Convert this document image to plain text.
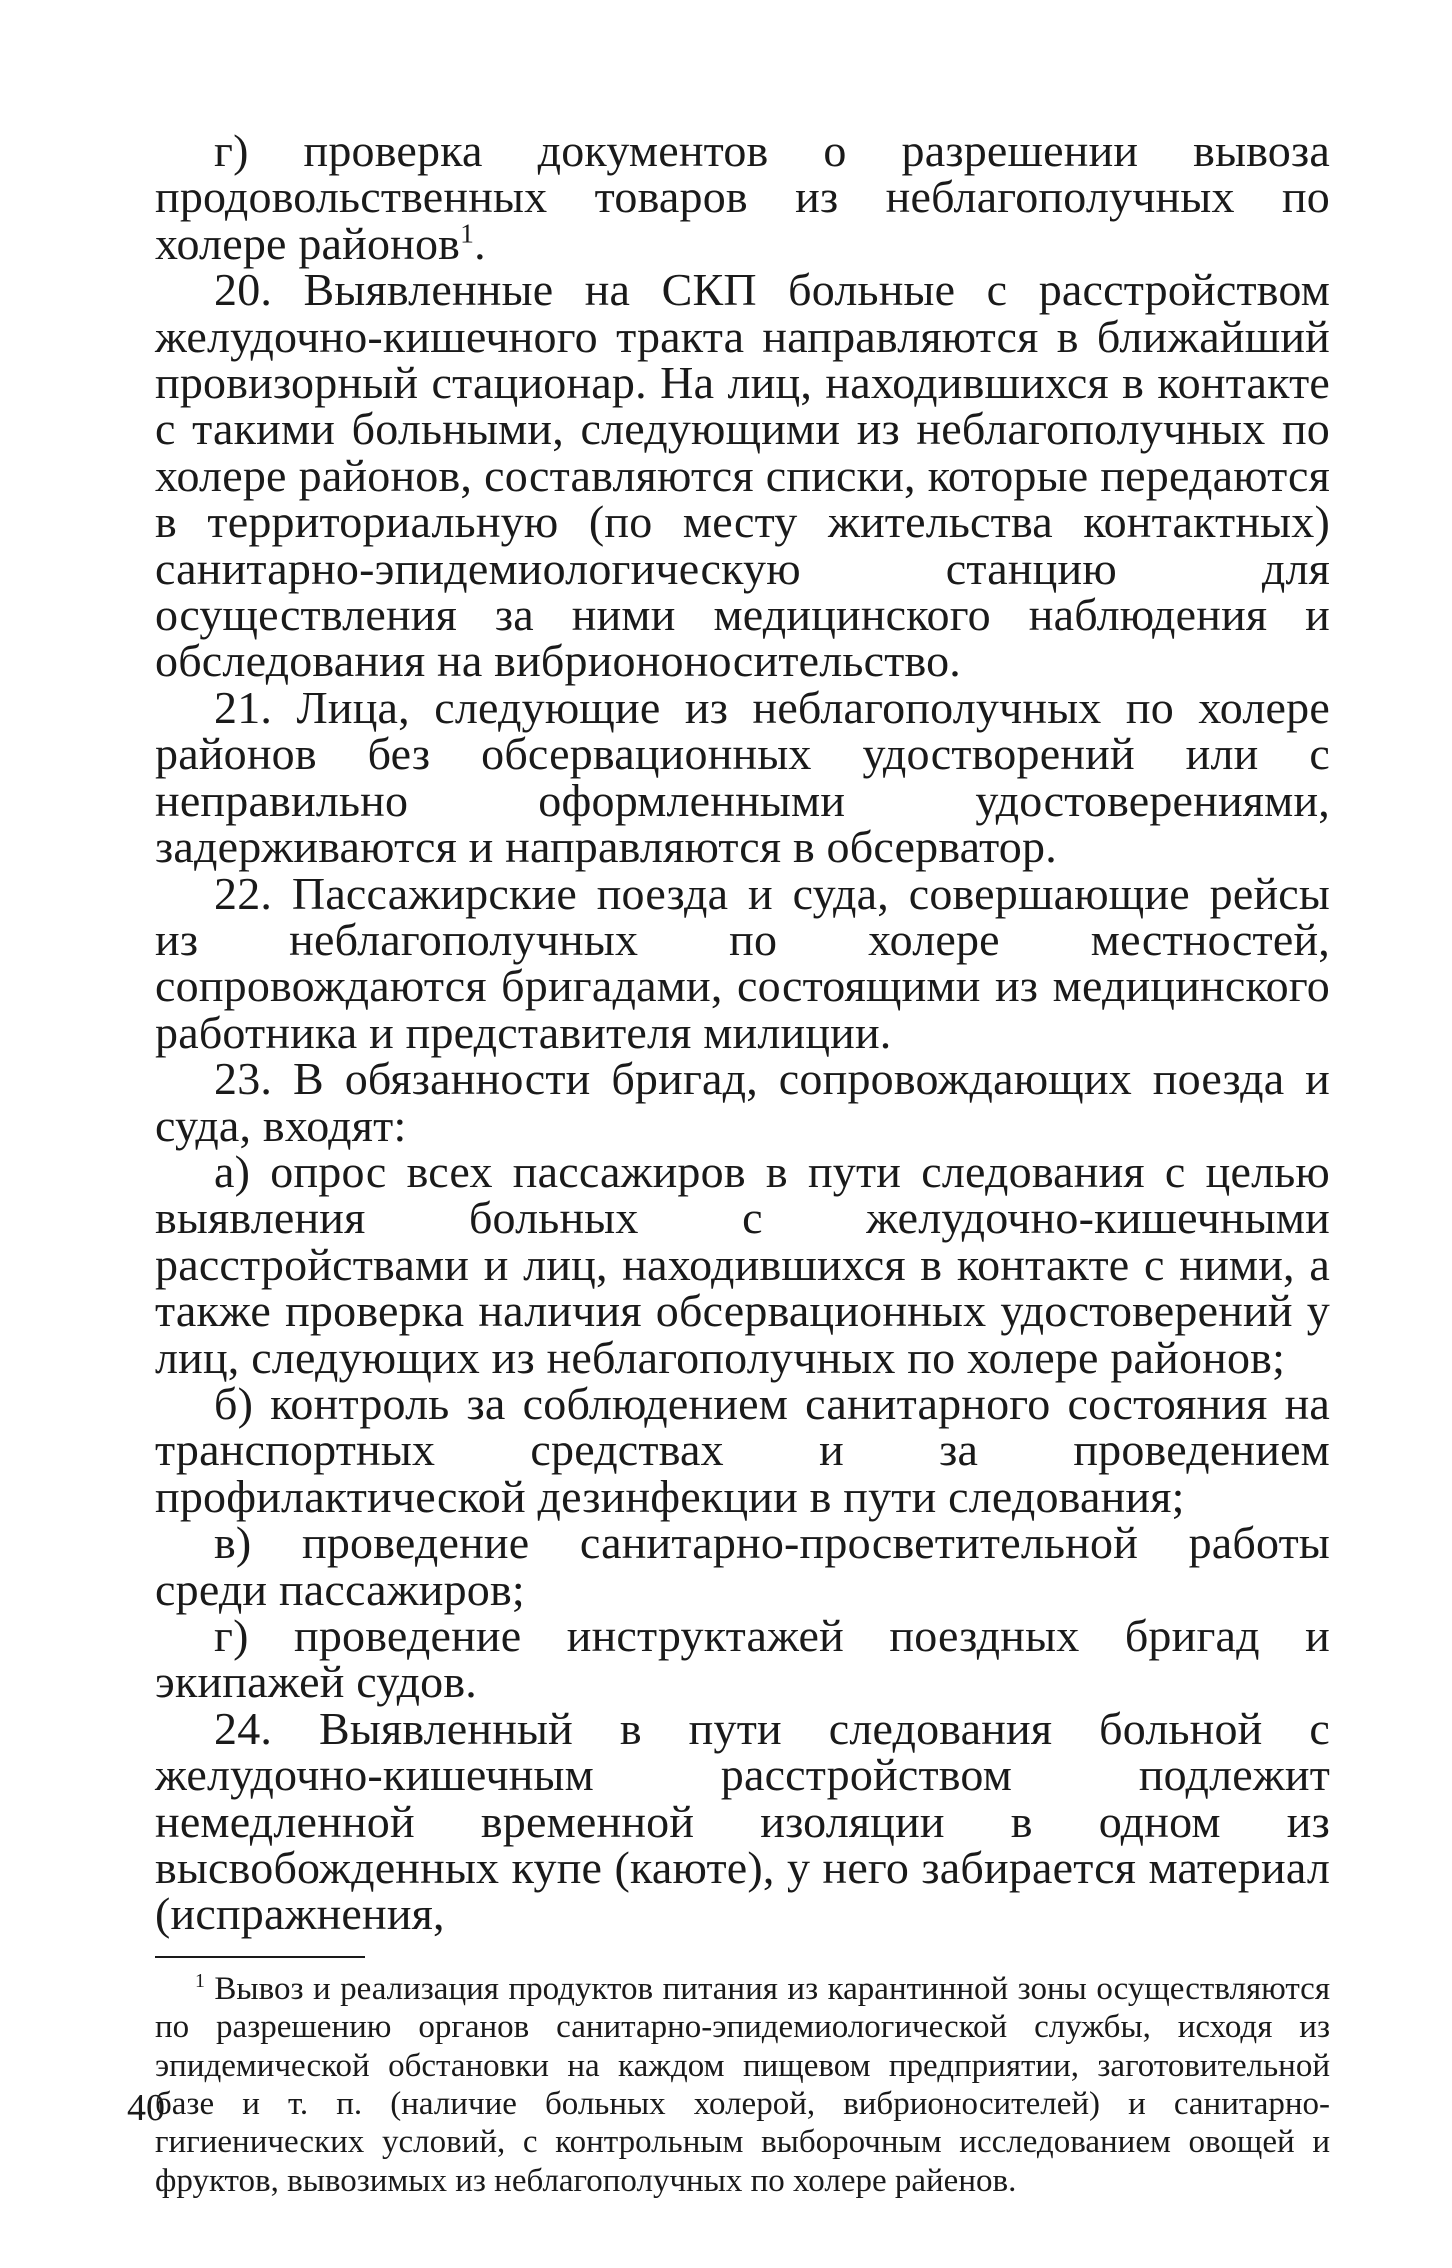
г) проверка документов о разрешении вывоза продовольственных товаров из неблагополучных по холере районов$^1$.

20. Выявленные на СКП больные с расстройством желудочно-кишечного тракта направляются в ближайший провизорный стационар. На лиц, находившихся в контакте с такими больными, следующими из неблагополучных по холере районов, составляются списки, которые передаются в территориальную (по месту жительства контактных) санитарно-эпидемиологическую станцию для осуществления за ними медицинского наблюдения и обследования на вибриононосительство.

21. Лица, следующие из неблагополучных по холере районов без обсервационных удостворений или с неправильно оформленными удостоверениями, задерживаются и направляются в обсерватор.

22. Пассажирские поезда и суда, совершающие рейсы из неблагополучных по холере местностей, сопровождаются бригадами, состоящими из медицинского работника и представителя милиции.

23. В обязанности бригад, сопровождающих поезда и суда, входят:

а) опрос всех пассажиров в пути следования с целью выявления больных с желудочно-кишечными расстройствами и лиц, находившихся в контакте с ними, а также проверка наличия обсервационных удостоверений у лиц, следующих из неблагополучных по холере районов;

б) контроль за соблюдением санитарного состояния на транспортных средствах и за проведением профилактической дезинфекции в пути следования;

в) проведение санитарно-просветительной работы среди пассажиров;

г) проведение инструктажей поездных бригад и экипажей судов.

24. Выявленный в пути следования больной с желудочно-кишечным расстройством подлежит немедленной временной изоляции в одном из высвобожденных купе (каюте), у него забирается материал (испражнения,

$^1$ Вывоз и реализация продуктов питания из карантинной зоны осуществляются по разрешению органов санитарно-эпидемиологической службы, исходя из эпидемической обстановки на каждом пищевом предприятии, заготовительной базе и т. п. (наличие больных холерой, вибрионосителей) и санитарно-гигиенических условий, с контрольным выборочным исследованием овощей и фруктов, вывозимых из неблагополучных по холере райенов.

40
